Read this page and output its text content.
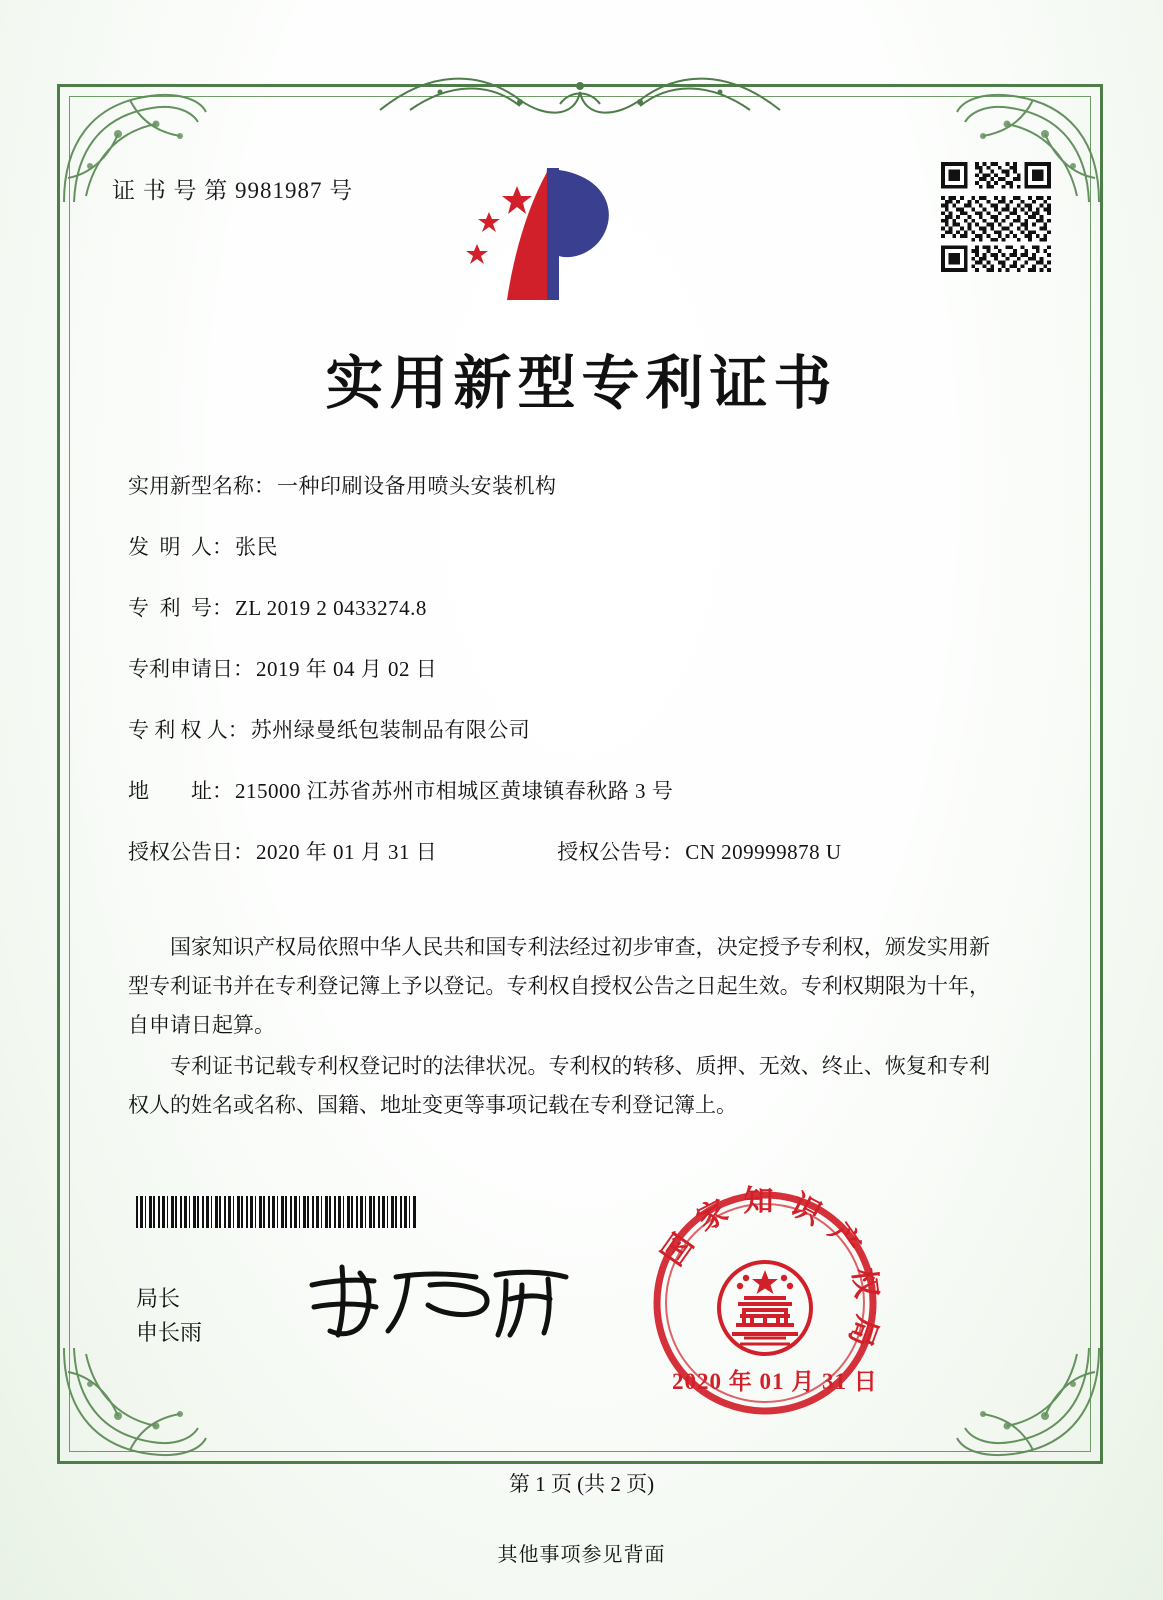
证 书 号 第 9981987 号
实用新型专利证书
实用新型名称： 一种印刷设备用喷头安装机构
发  明  人： 张民
专  利  号： ZL 2019 2 0433274.8
专利申请日： 2019 年 04 月 02 日
专 利 权 人： 苏州绿曼纸包装制品有限公司
地        址： 215000 江苏省苏州市相城区黄埭镇春秋路 3 号
授权公告日： 2020 年 01 月 31 日	授权公告号： CN 209999878 U

国家知识产权局依照中华人民共和国专利法经过初步审查，决定授予专利权，颁发实用新型专利证书并在专利登记簿上予以登记。专利权自授权公告之日起生效。专利权期限为十年，自申请日起算。

专利证书记载专利权登记时的法律状况。专利权的转移、质押、无效、终止、恢复和专利权人的姓名或名称、国籍、地址变更等事项记载在专利登记簿上。

局长
申长雨
国家知识产权局
2020 年 01 月 31 日
第 1 页 (共 2 页)
其他事项参见背面
